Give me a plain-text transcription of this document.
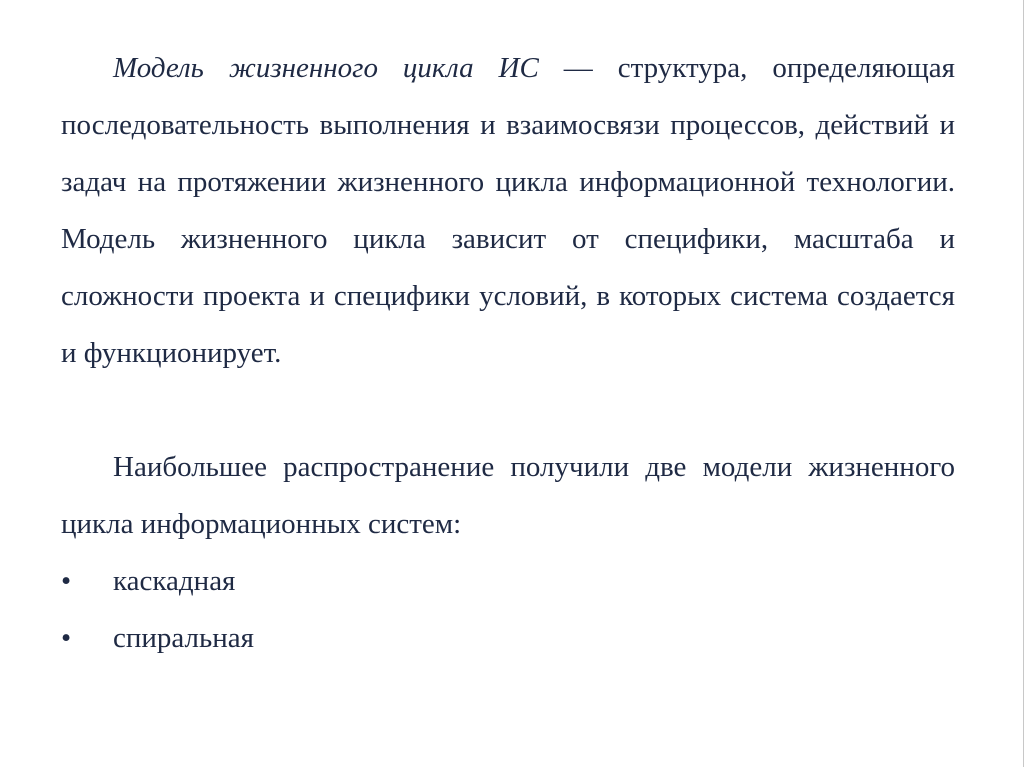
Модель жизненного цикла ИС — структура, определяющая последовательность выполнения и взаимосвязи процессов, действий и задач на протяжении жизненного цикла информационной технологии. Модель жизненного цикла зависит от специфики, масштаба и сложности проекта и специфики условий, в которых система создается и функционирует.

Наибольшее распространение получили две модели жизненного цикла информационных систем:

• каскадная
• спиральная
